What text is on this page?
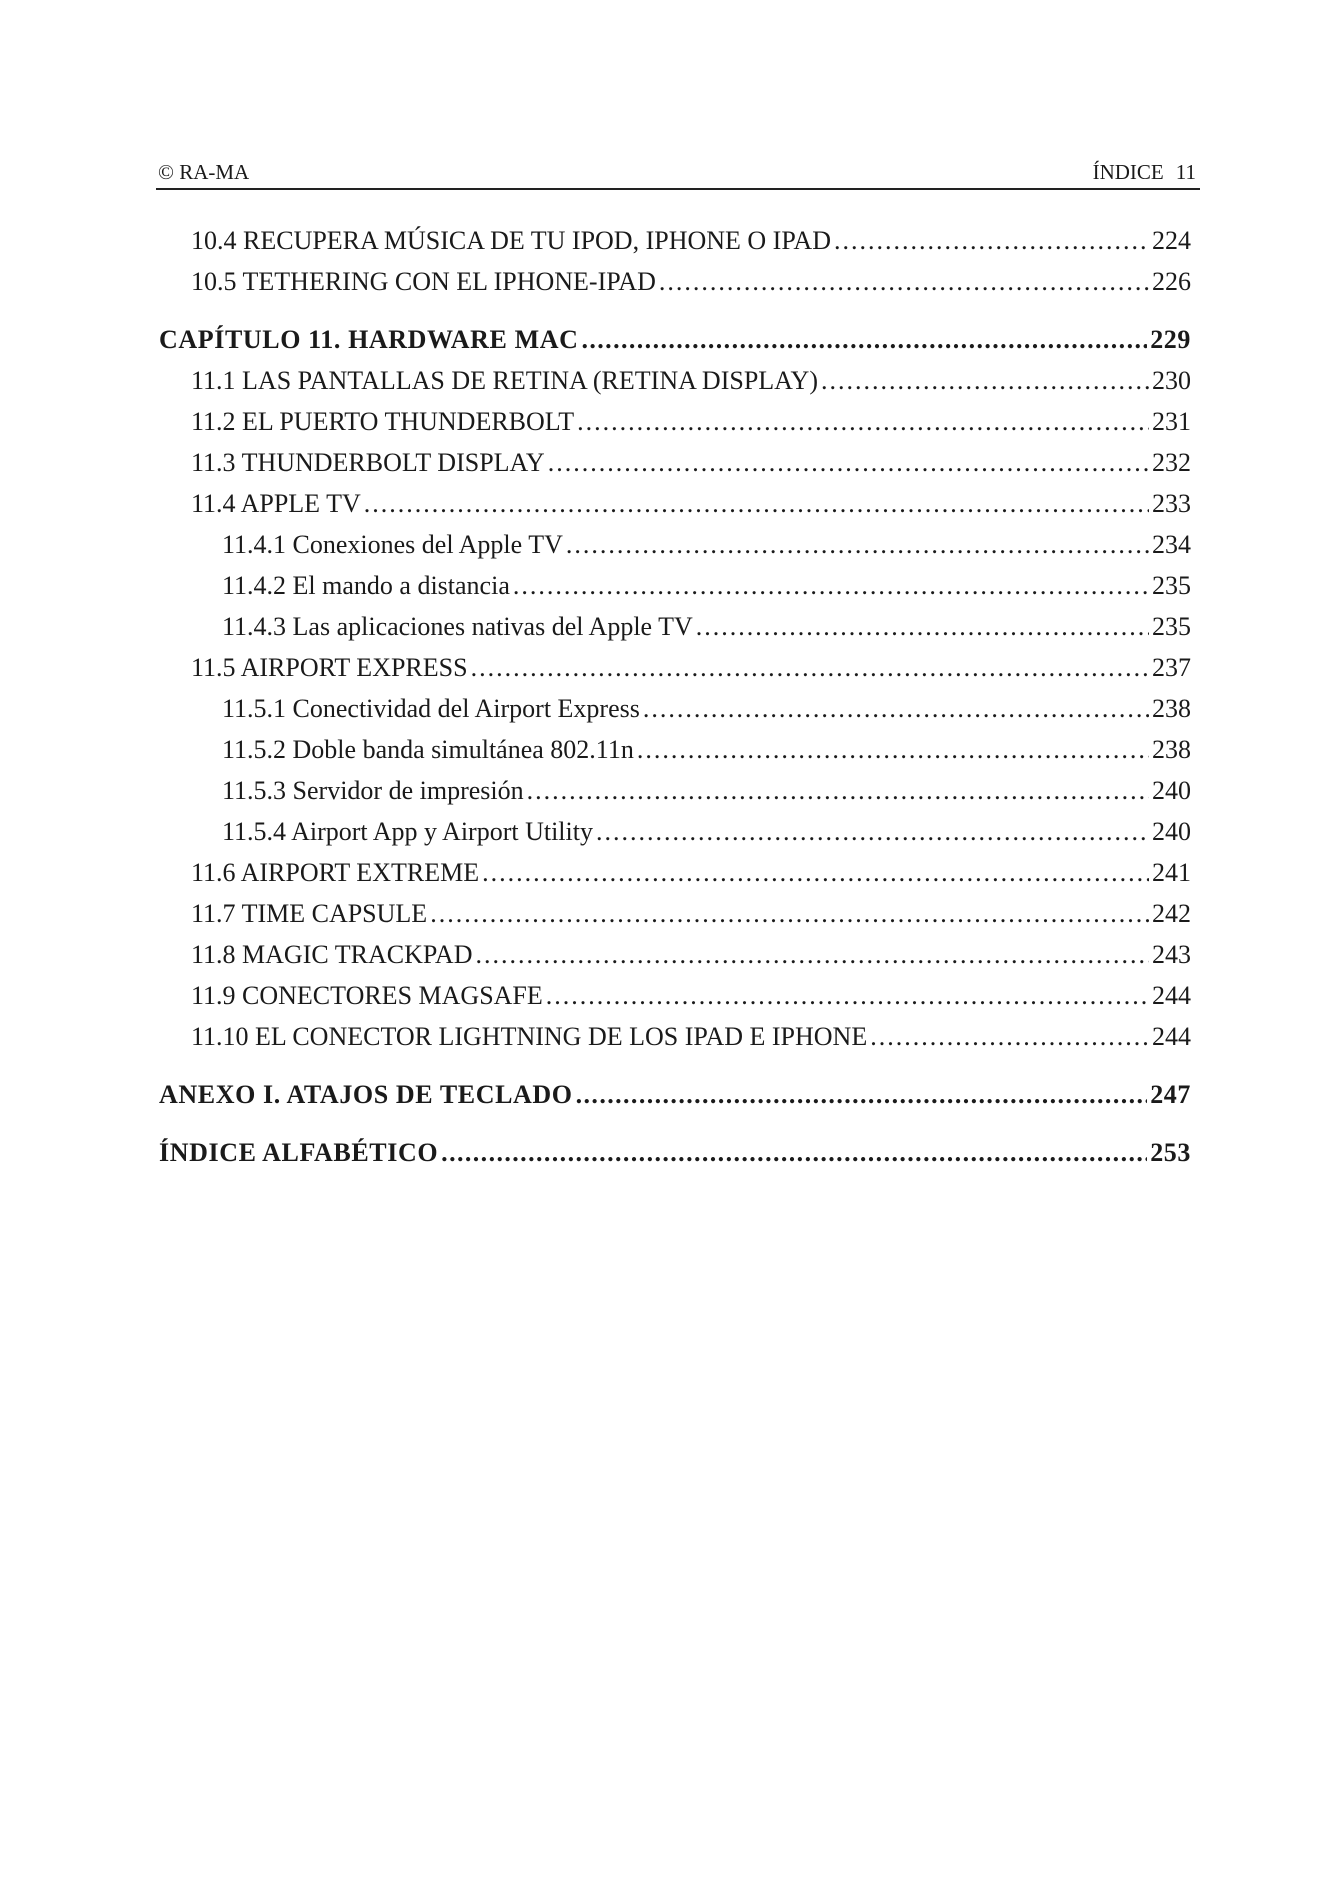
© RA-MA	ÍNDICE 11
10.4 RECUPERA MÚSICA DE TU IPOD, IPHONE O IPAD .....	224
10.5 TETHERING CON EL IPHONE-IPAD .....	226
CAPÍTULO 11. HARDWARE MAC .....	229
11.1 LAS PANTALLAS DE RETINA (RETINA DISPLAY) .....	230
11.2 EL PUERTO THUNDERBOLT .....	231
11.3 THUNDERBOLT DISPLAY .....	232
11.4 APPLE TV .....	233
11.4.1 Conexiones del Apple TV .....	234
11.4.2 El mando a distancia .....	235
11.4.3 Las aplicaciones nativas del Apple TV .....	235
11.5 AIRPORT EXPRESS .....	237
11.5.1 Conectividad del Airport Express .....	238
11.5.2 Doble banda simultánea 802.11n .....	238
11.5.3 Servidor de impresión .....	240
11.5.4 Airport App y Airport Utility .....	240
11.6 AIRPORT EXTREME .....	241
11.7 TIME CAPSULE .....	242
11.8 MAGIC TRACKPAD .....	243
11.9 CONECTORES MAGSAFE .....	244
11.10 EL CONECTOR LIGHTNING DE LOS IPAD E IPHONE .....	244
ANEXO I. ATAJOS DE TECLADO .....	247
ÍNDICE ALFABÉTICO .....	253
